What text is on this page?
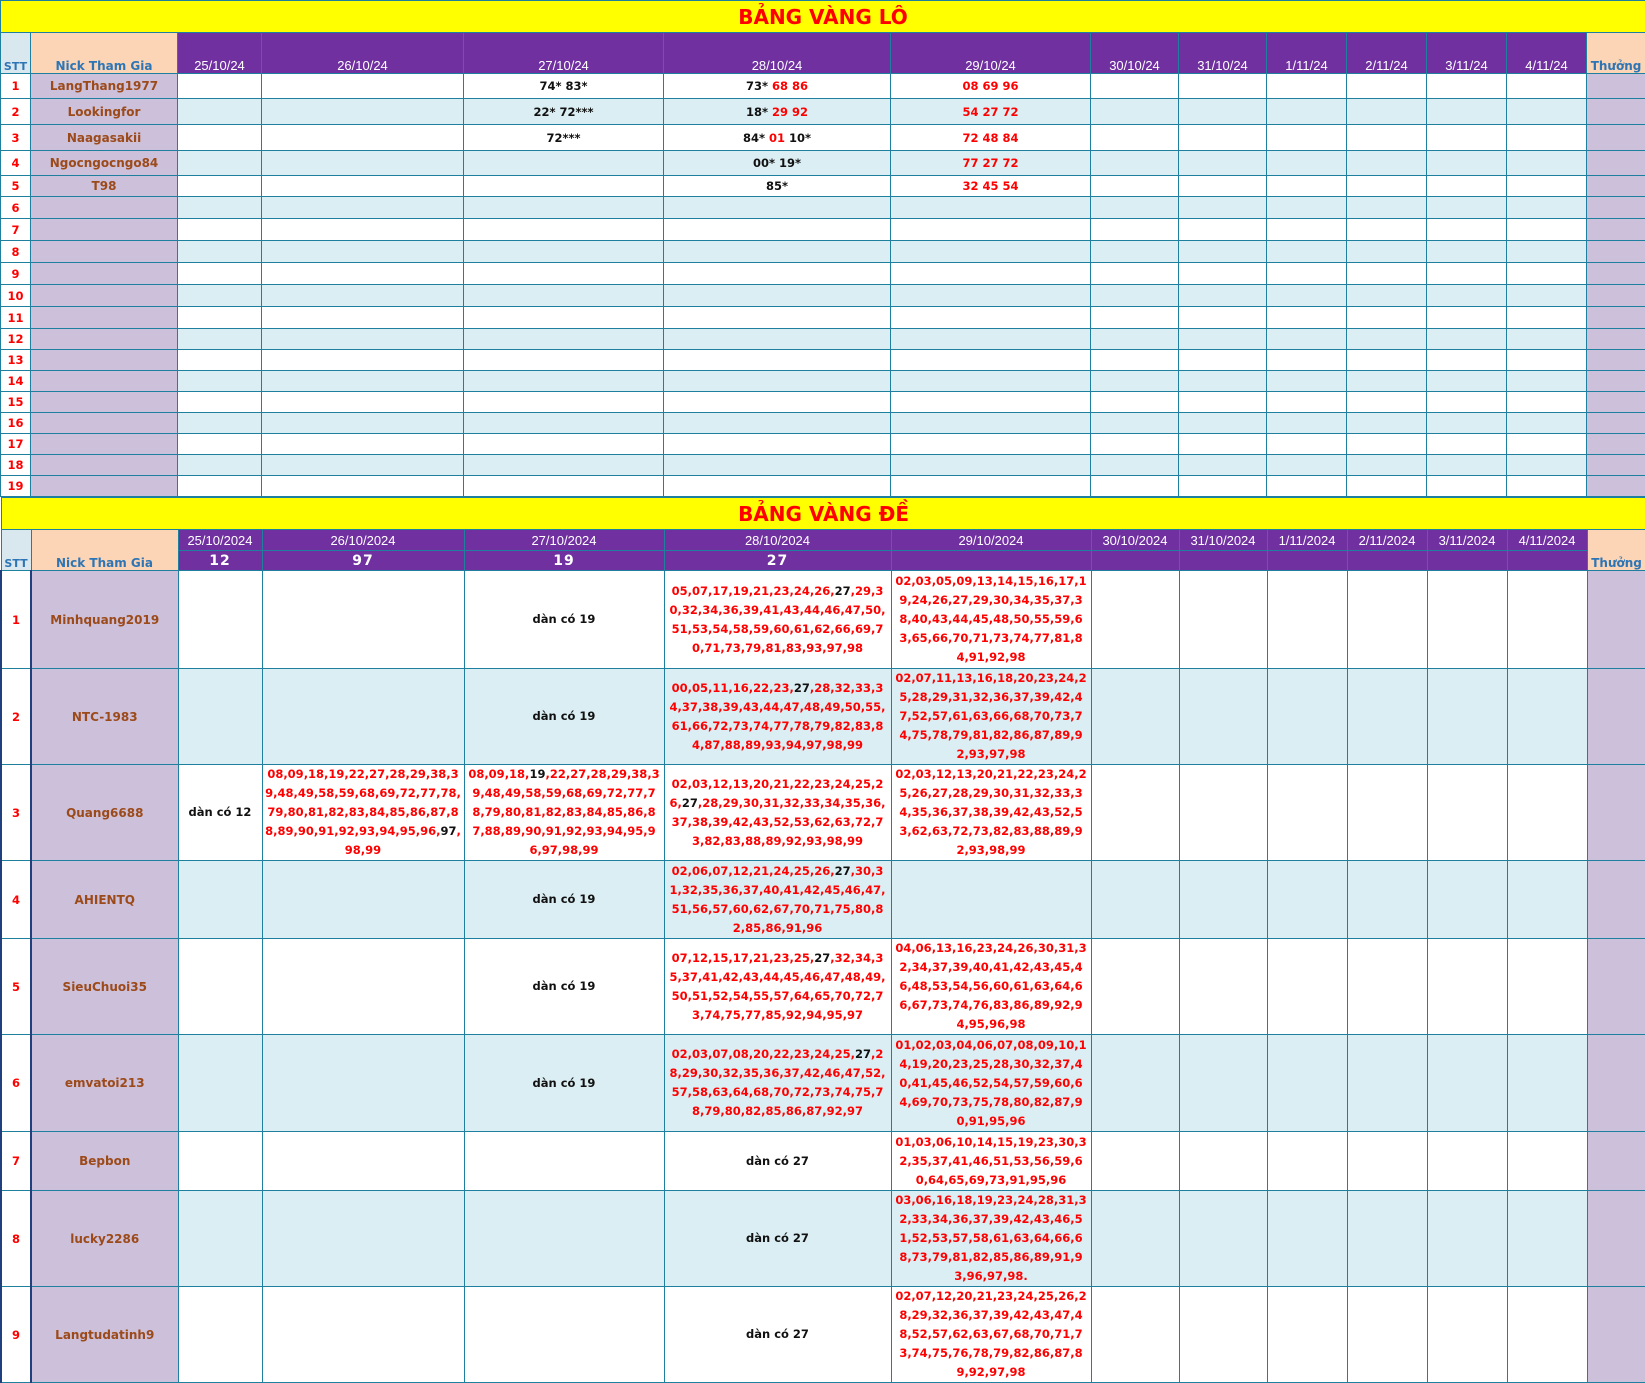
BẢNG VÀNG LÔ													
STT	Nick Tham Gia	25/10/24	26/10/24	27/10/24	28/10/24	29/10/24	30/10/24	31/10/24	1/11/24	2/11/24	3/11/24	4/11/24	Thưởng
1	LangThang1977			74* 83*	73* 68 86	08 69 96							
2	Lookingfor			22* 72***	18* 29 92	54 27 72							
3	Naagasakii			72***	84* 01 10*	72 48 84							
4	Ngocngocngo84				00* 19*	77 27 72							
5	T98				85*	32 45 54							
6													
7													
8													
9													
10													
11													
12													
13													
14													
15													
16													
17													
18													
19													
BẢNG VÀNG ĐỀ													
STT	Nick Tham Gia	25/10/2024	26/10/2024	27/10/2024	28/10/2024	29/10/2024	30/10/2024	31/10/2024	1/11/2024	2/11/2024	3/11/2024	4/11/2024	Thưởng
		12	97	19	27								
1	Minhquang2019			dàn có 19	05,07,17,19,21,23,24,26,27,29,30,32,34,36,39,41,43,44,46,47,50,51,53,54,58,59,60,61,62,66,69,70,71,73,79,81,83,93,97,98	02,03,05,09,13,14,15,16,17,19,24,26,27,29,30,34,35,37,38,40,43,44,45,48,50,55,59,63,65,66,70,71,73,74,77,81,84,91,92,98							
2	NTC-1983			dàn có 19	00,05,11,16,22,23,27,28,32,33,34,37,38,39,43,44,47,48,49,50,55,61,66,72,73,74,77,78,79,82,83,84,87,88,89,93,94,97,98,99	02,07,11,13,16,18,20,23,24,25,28,29,31,32,36,37,39,42,47,52,57,61,63,66,68,70,73,74,75,78,79,81,82,86,87,89,92,93,97,98							
3	Quang6688	dàn có 12	08,09,18,19,22,27,28,29,38,39,48,49,58,59,68,69,72,77,78,79,80,81,82,83,84,85,86,87,88,89,90,91,92,93,94,95,96,97,98,99	08,09,18,19,22,27,28,29,38,39,48,49,58,59,68,69,72,77,78,79,80,81,82,83,84,85,86,87,88,89,90,91,92,93,94,95,96,97,98,99	02,03,12,13,20,21,22,23,24,25,26,27,28,29,30,31,32,33,34,35,36,37,38,39,42,43,52,53,62,63,72,73,82,83,88,89,92,93,98,99	02,03,12,13,20,21,22,23,24,25,26,27,28,29,30,31,32,33,34,35,36,37,38,39,42,43,52,53,62,63,72,73,82,83,88,89,92,93,98,99							
4	AHIENTQ			dàn có 19	02,06,07,12,21,24,25,26,27,30,31,32,35,36,37,40,41,42,45,46,47,51,56,57,60,62,67,70,71,75,80,82,85,86,91,96								
5	SieuChuoi35			dàn có 19	07,12,15,17,21,23,25,27,32,34,35,37,41,42,43,44,45,46,47,48,49,50,51,52,54,55,57,64,65,70,72,73,74,75,77,85,92,94,95,97	04,06,13,16,23,24,26,30,31,32,34,37,39,40,41,42,43,45,46,48,53,54,56,60,61,63,64,66,67,73,74,76,83,86,89,92,94,95,96,98							
6	emvatoi213			dàn có 19	02,03,07,08,20,22,23,24,25,27,28,29,30,32,35,36,37,42,46,47,52,57,58,63,64,68,70,72,73,74,75,78,79,80,82,85,86,87,92,97	01,02,03,04,06,07,08,09,10,14,19,20,23,25,28,30,32,37,40,41,45,46,52,54,57,59,60,64,69,70,73,75,78,80,82,87,90,91,95,96							
7	Bepbon				dàn có 27	01,03,06,10,14,15,19,23,30,32,35,37,41,46,51,53,56,59,60,64,65,69,73,91,95,96							
8	lucky2286				dàn có 27	03,06,16,18,19,23,24,28,31,32,33,34,36,37,39,42,43,46,51,52,53,57,58,61,63,64,66,68,73,79,81,82,85,86,89,91,93,96,97,98.							
9	Langtudatinh9				dàn có 27	02,07,12,20,21,23,24,25,26,28,29,32,36,37,39,42,43,47,48,52,57,62,63,67,68,70,71,73,74,75,76,78,79,82,86,87,89,92,97,98							
